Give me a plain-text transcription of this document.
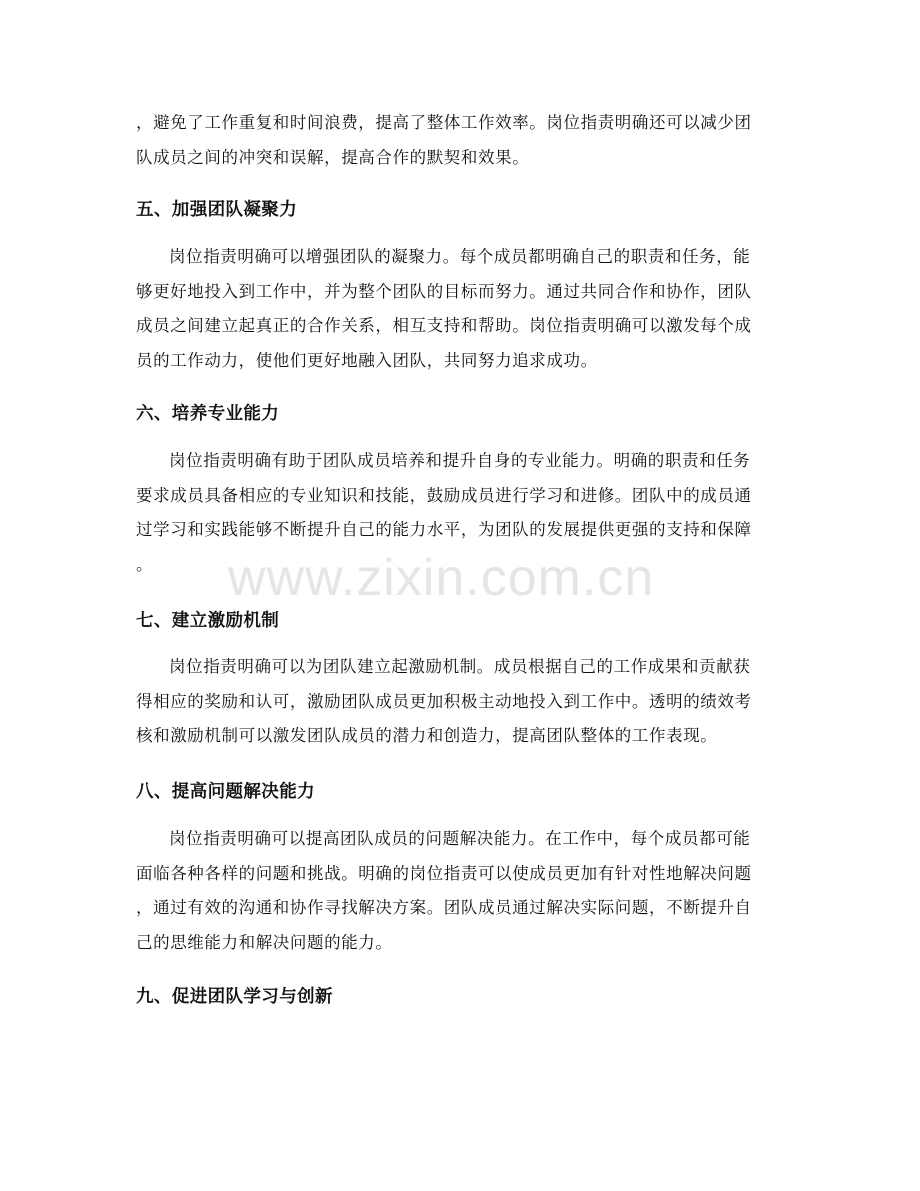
，避免了工作重复和时间浪费，提高了整体工作效率。岗位指责明确还可以减少团
队成员之间的冲突和误解，提高合作的默契和效果。

五、加强团队凝聚力

岗位指责明确可以增强团队的凝聚力。每个成员都明确自己的职责和任务，能
够更好地投入到工作中，并为整个团队的目标而努力。通过共同合作和协作，团队
成员之间建立起真正的合作关系，相互支持和帮助。岗位指责明确可以激发每个成
员的工作动力，使他们更好地融入团队，共同努力追求成功。

六、培养专业能力

岗位指责明确有助于团队成员培养和提升自身的专业能力。明确的职责和任务
要求成员具备相应的专业知识和技能，鼓励成员进行学习和进修。团队中的成员通
过学习和实践能够不断提升自己的能力水平，为团队的发展提供更强的支持和保障
。

七、建立激励机制

岗位指责明确可以为团队建立起激励机制。成员根据自己的工作成果和贡献获
得相应的奖励和认可，激励团队成员更加积极主动地投入到工作中。透明的绩效考
核和激励机制可以激发团队成员的潜力和创造力，提高团队整体的工作表现。

八、提高问题解决能力

岗位指责明确可以提高团队成员的问题解决能力。在工作中，每个成员都可能
面临各种各样的问题和挑战。明确的岗位指责可以使成员更加有针对性地解决问题
，通过有效的沟通和协作寻找解决方案。团队成员通过解决实际问题，不断提升自
己的思维能力和解决问题的能力。

九、促进团队学习与创新
www.zixin.com.cn
